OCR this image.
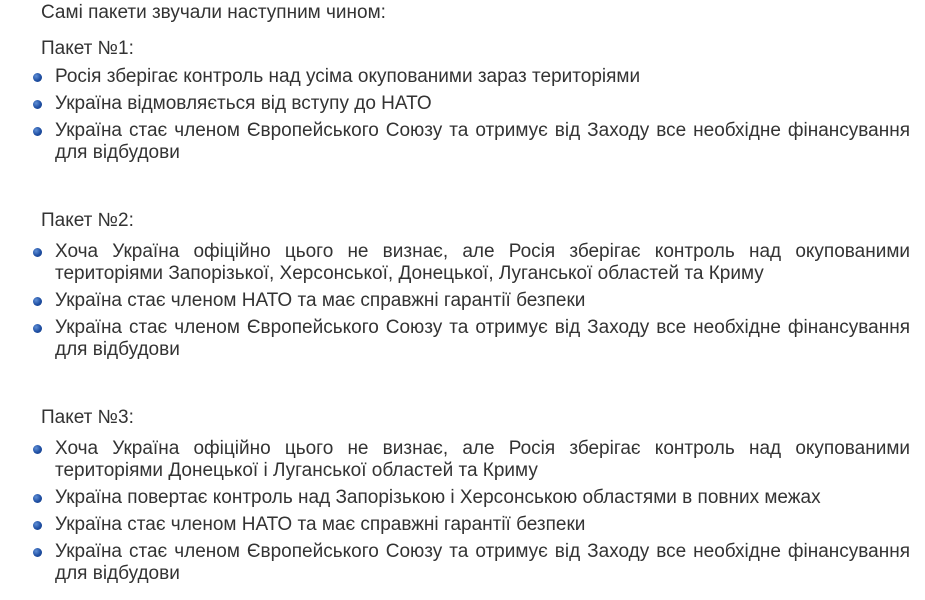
Самі пакети звучали наступним чином:
Пакет №1:
Росія зберігає контроль над усіма окупованими зараз територіями
Україна відмовляється від вступу до НАТО
Україна стає членом Європейського Союзу та отримує від Заходу все необхідне фінансування для відбудови
Пакет №2:
Хоча Україна офіційно цього не визнає, але Росія зберігає контроль над окупованими територіями Запорізької, Херсонської, Донецької, Луганської областей та Криму
Україна стає членом НАТО та має справжні гарантії безпеки
Україна стає членом Європейського Союзу та отримує від Заходу все необхідне фінансування для відбудови
Пакет №3:
Хоча Україна офіційно цього не визнає, але Росія зберігає контроль над окупованими територіями Донецької і Луганської областей та Криму
Україна повертає контроль над Запорізькою і Херсонською областями в повних межах
Україна стає членом НАТО та має справжні гарантії безпеки
Україна стає членом Європейського Союзу та отримує від Заходу все необхідне фінансування для відбудови
